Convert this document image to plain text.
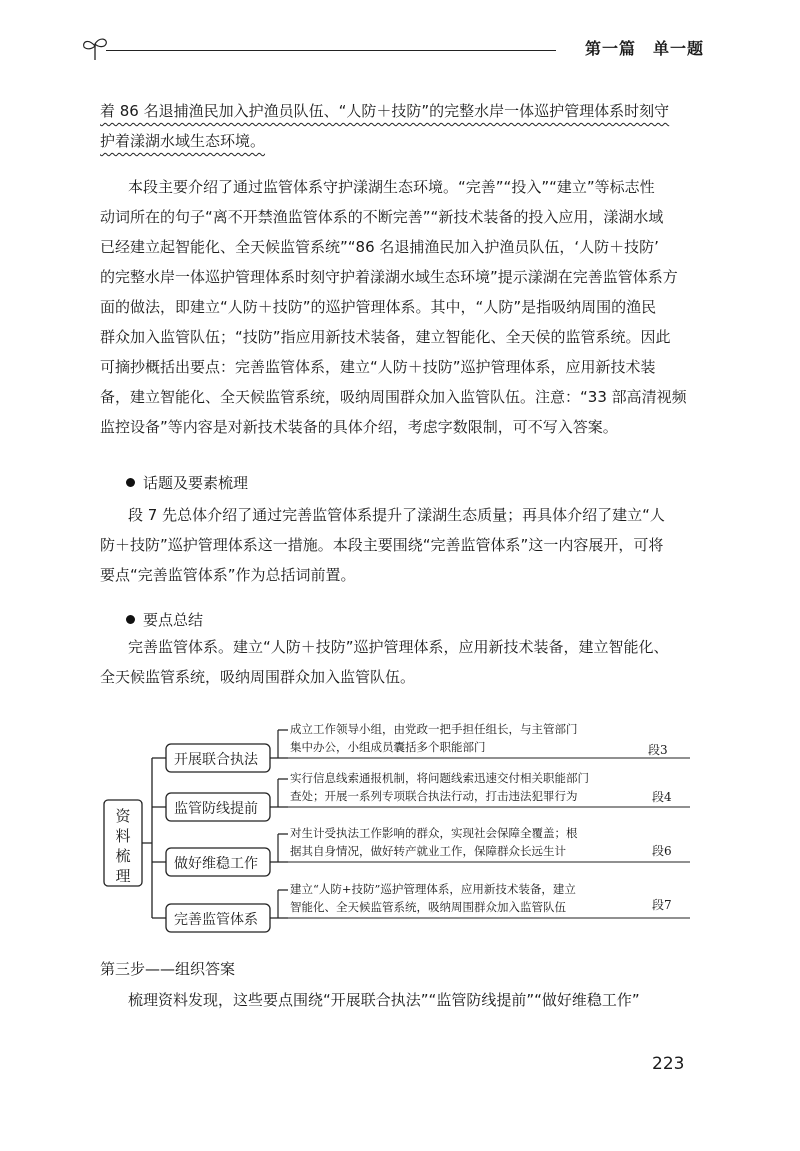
第一篇　单一题
着 86 名退捕渔民加入护渔员队伍、“人防＋技防”的完整水岸一体巡护管理体系时刻守
护着漾湖水域生态环境。
本段主要介绍了通过监管体系守护漾湖生态环境。“完善”“投入”“建立”等标志性
动词所在的句子“离不开禁渔监管体系的不断完善”“新技术装备的投入应用，漾湖水域
已经建立起智能化、全天候监管系统”“86 名退捕渔民加入护渔员队伍，‘人防＋技防’
的完整水岸一体巡护管理体系时刻守护着漾湖水域生态环境”提示漾湖在完善监管体系方
面的做法，即建立“人防＋技防”的巡护管理体系。其中，“人防”是指吸纳周围的渔民
群众加入监管队伍；“技防”指应用新技术装备，建立智能化、全天侯的监管系统。因此
可摘抄概括出要点：完善监管体系，建立“人防＋技防”巡护管理体系，应用新技术装
备，建立智能化、全天候监管系统，吸纳周围群众加入监管队伍。注意：“33 部高清视频
监控设备”等内容是对新技术装备的具体介绍，考虑字数限制，可不写入答案。
话题及要素梳理
段 7 先总体介绍了通过完善监管体系提升了漾湖生态质量；再具体介绍了建立“人
防＋技防”巡护管理体系这一措施。本段主要围绕“完善监管体系”这一内容展开，可将
要点“完善监管体系”作为总括词前置。
要点总结
完善监管体系。建立“人防＋技防”巡护管理体系，应用新技术装备，建立智能化、
全天候监管系统，吸纳周围群众加入监管队伍。
资料梳理
开展联合执法
成立工作领导小组，由党政一把手担任组长，与主管部门
集中办公，小组成员囊括多个职能部门	段3
监管防线提前
实行信息线索通报机制，将问题线索迅速交付相关职能部门
查处；开展一系列专项联合执法行动，打击违法犯罪行为	段4
做好维稳工作
对生计受执法工作影响的群众，实现社会保障全覆盖；根
据其自身情况，做好转产就业工作，保障群众长远生计	段6
完善监管体系
建立“人防+技防”巡护管理体系，应用新技术装备，建立
智能化、全天候监管系统，吸纳周围群众加入监管队伍	段7
第三步——组织答案
梳理资料发现，这些要点围绕“开展联合执法”“监管防线提前”“做好维稳工作”
223
